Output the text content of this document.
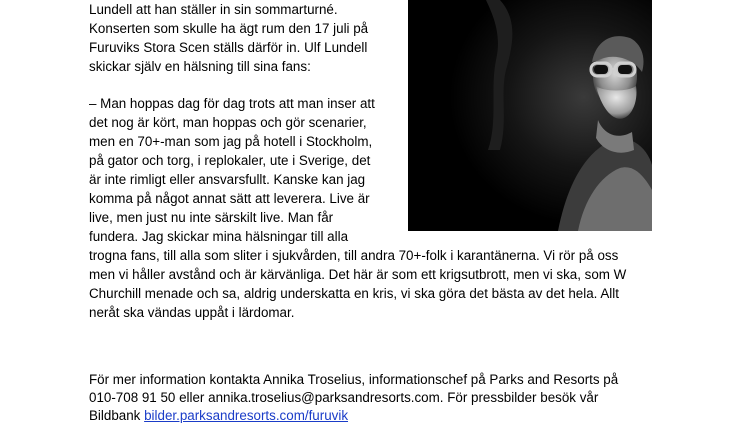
Lundell att han ställer in sin sommarturné.
Konserten som skulle ha ägt rum den 17 juli på
Furuviks Stora Scen ställs därför in. Ulf Lundell
skickar själv en hälsning till sina fans:
– Man hoppas dag för dag trots att man inser att
det nog är kört, man hoppas och gör scenarier,
men en 70+-man som jag på hotell i Stockholm,
på gator och torg, i replokaler, ute i Sverige, det
är inte rimligt eller ansvarsfullt. Kanske kan jag
komma på något annat sätt att leverera. Live är
live, men just nu inte särskilt live. Man får
fundera. Jag skickar mina hälsningar till alla
trogna fans, till alla som sliter i sjukvården, till andra 70+-folk i karantänerna. Vi rör på oss
men vi håller avstånd och är kärvänliga. Det här är som ett krigsutbrott, men vi ska, som W
Churchill menade och sa, aldrig underskatta en kris, vi ska göra det bästa av det hela. Allt
neråt ska vändas uppåt i lärdomar.
För mer information kontakta Annika Troselius, informationschef på Parks and Resorts på
010-708 91 50 eller annika.troselius@parksandresorts.com. För pressbilder besök vår
Bildbank bilder.parksandresorts.com/furuvik
